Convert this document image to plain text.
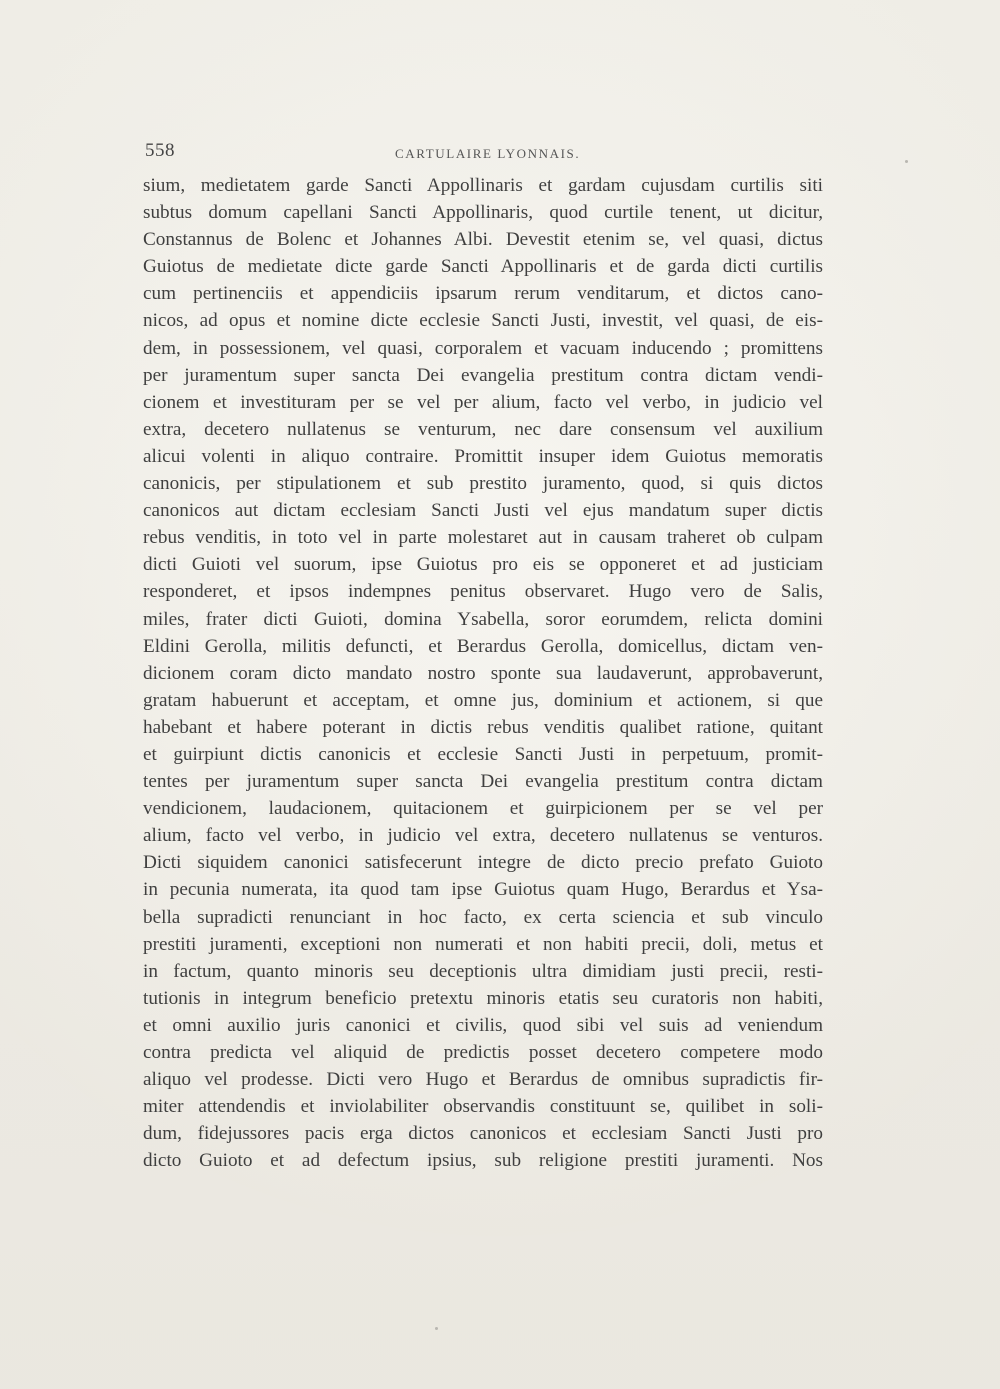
558	CARTULAIRE LYONNAIS.
sium, medietatem garde Sancti Appollinaris et gardam cujusdam curtilis siti
subtus domum capellani Sancti Appollinaris, quod curtile tenent, ut dicitur,
Constannus de Bolenc et Johannes Albi. Devestit etenim se, vel quasi, dictus
Guiotus de medietate dicte garde Sancti Appollinaris et de garda dicti curtilis
cum pertinenciis et appendiciis ipsarum rerum venditarum, et dictos cano-
nicos, ad opus et nomine dicte ecclesie Sancti Justi, investit, vel quasi, de eis-
dem, in possessionem, vel quasi, corporalem et vacuam inducendo ; promittens
per juramentum super sancta Dei evangelia prestitum contra dictam vendi-
cionem et investituram per se vel per alium, facto vel verbo, in judicio vel
extra, decetero nullatenus se venturum, nec dare consensum vel auxilium
alicui volenti in aliquo contraire. Promittit insuper idem Guiotus memoratis
canonicis, per stipulationem et sub prestito juramento, quod, si quis dictos
canonicos aut dictam ecclesiam Sancti Justi vel ejus mandatum super dictis
rebus venditis, in toto vel in parte molestaret aut in causam traheret ob culpam
dicti Guioti vel suorum, ipse Guiotus pro eis se opponeret et ad justiciam
responderet, et ipsos indempnes penitus observaret. Hugo vero de Salis,
miles, frater dicti Guioti, domina Ysabella, soror eorumdem, relicta domini
Eldini Gerolla, militis defuncti, et Berardus Gerolla, domicellus, dictam ven-
dicionem coram dicto mandato nostro sponte sua laudaverunt, approbaverunt,
gratam habuerunt et acceptam, et omne jus, dominium et actionem, si que
habebant et habere poterant in dictis rebus venditis qualibet ratione, quitant
et guirpiunt dictis canonicis et ecclesie Sancti Justi in perpetuum, promit-
tentes per juramentum super sancta Dei evangelia prestitum contra dictam
vendicionem, laudacionem, quitacionem et guirpicionem per se vel per
alium, facto vel verbo, in judicio vel extra, decetero nullatenus se venturos.
Dicti siquidem canonici satisfecerunt integre de dicto precio prefato Guioto
in pecunia numerata, ita quod tam ipse Guiotus quam Hugo, Berardus et Ysa-
bella supradicti renunciant in hoc facto, ex certa sciencia et sub vinculo
prestiti juramenti, exceptioni non numerati et non habiti precii, doli, metus et
in factum, quanto minoris seu deceptionis ultra dimidiam justi precii, resti-
tutionis in integrum beneficio pretextu minoris etatis seu curatoris non habiti,
et omni auxilio juris canonici et civilis, quod sibi vel suis ad veniendum
contra predicta vel aliquid de predictis posset decetero competere modo
aliquo vel prodesse. Dicti vero Hugo et Berardus de omnibus supradictis fir-
miter attendendis et inviolabiliter observandis constituunt se, quilibet in soli-
dum, fidejussores pacis erga dictos canonicos et ecclesiam Sancti Justi pro
dicto Guioto et ad defectum ipsius, sub religione prestiti juramenti. Nos
